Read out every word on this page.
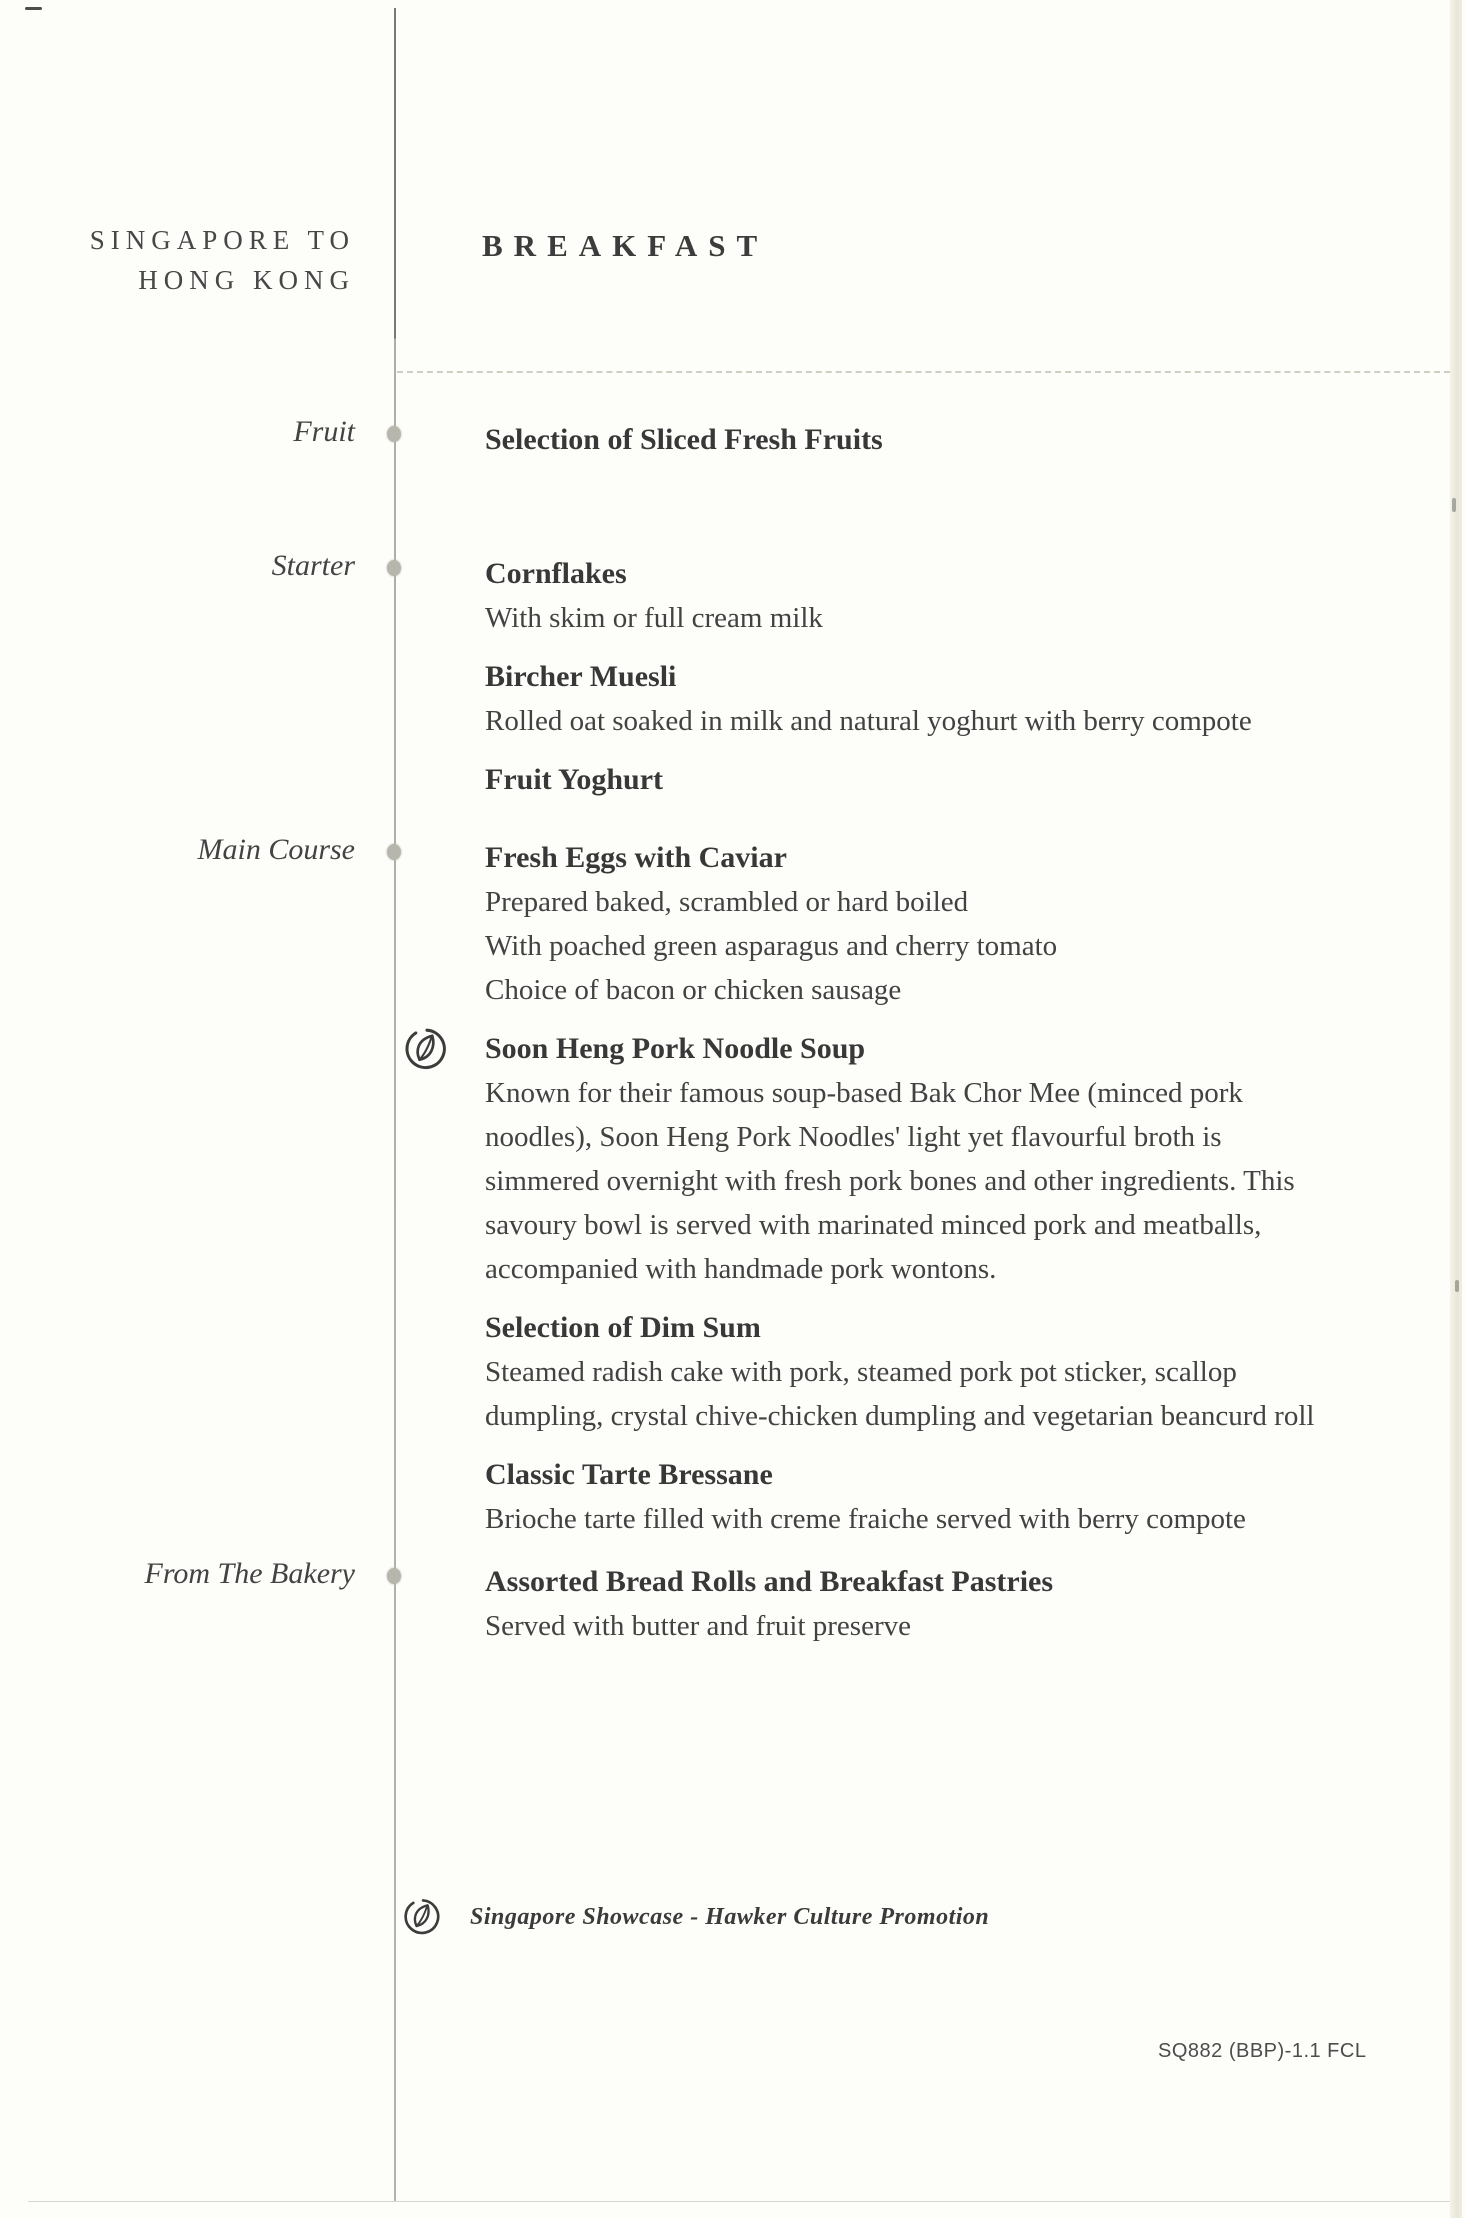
SINGAPORE TO
HONG KONG
BREAKFAST
Fruit	Selection of Sliced Fresh Fruits
Starter	Cornflakes
With skim or full cream milk
Bircher Muesli
Rolled oat soaked in milk and natural yoghurt with berry compote
Fruit Yoghurt
Main Course	Fresh Eggs with Caviar
Prepared baked, scrambled or hard boiled
With poached green asparagus and cherry tomato
Choice of bacon or chicken sausage
Soon Heng Pork Noodle Soup
Known for their famous soup-based Bak Chor Mee (minced pork
noodles), Soon Heng Pork Noodles' light yet flavourful broth is
simmered overnight with fresh pork bones and other ingredients. This
savoury bowl is served with marinated minced pork and meatballs,
accompanied with handmade pork wontons.
Selection of Dim Sum
Steamed radish cake with pork, steamed pork pot sticker, scallop
dumpling, crystal chive-chicken dumpling and vegetarian beancurd roll
Classic Tarte Bressane
Brioche tarte filled with creme fraiche served with berry compote
From The Bakery	Assorted Bread Rolls and Breakfast Pastries
Served with butter and fruit preserve
Singapore Showcase - Hawker Culture Promotion
SQ882 (BBP)-1.1 FCL
